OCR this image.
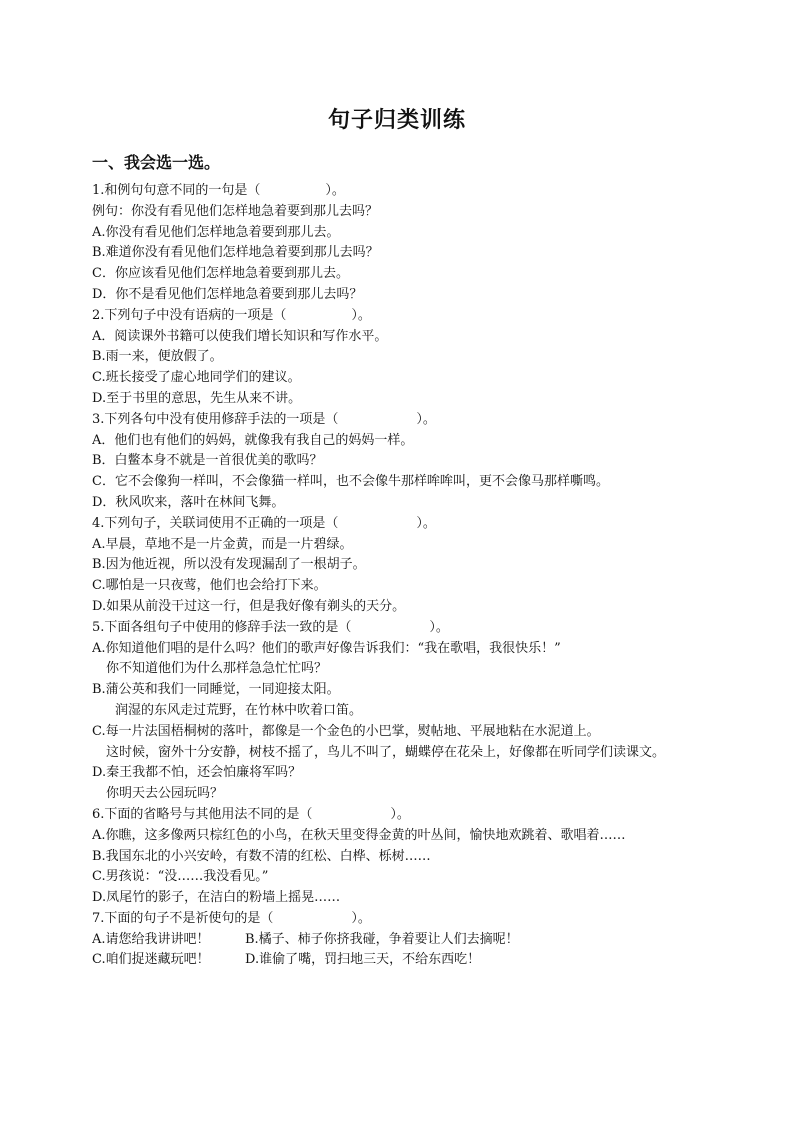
句子归类训练
一、我会选一选。
1.和例句句意不同的一句是（　　　　　）。
例句：你没有看见他们怎样地急着要到那儿去吗？
A.你没有看见他们怎样地急着要到那儿去。
B.难道你没有看见他们怎样地急着要到那儿去吗？
C．你应该看见他们怎样地急着要到那儿去。
D．你不是看见他们怎样地急着要到那儿去吗？
2.下列句子中没有语病的一项是（　　　　　）。
A．阅读课外书籍可以使我们增长知识和写作水平。
B.雨一来，便放假了。
C.班长接受了虚心地同学们的建议。
D.至于书里的意思，先生从来不讲。
3.下列各句中没有使用修辞手法的一项是（　　　　　　）。
A．他们也有他们的妈妈，就像我有我自己的妈妈一样。
B．白鳖本身不就是一首很优美的歌吗？
C．它不会像狗一样叫，不会像猫一样叫，也不会像牛那样哞哞叫，更不会像马那样嘶鸣。
D．秋风吹来，落叶在林间飞舞。
4.下列句子，关联词使用不正确的一项是（　　　　　　）。
A.早晨，草地不是一片金黄，而是一片碧绿。
B.因为他近视，所以没有发现漏刮了一根胡子。
C.哪怕是一只夜莺，他们也会给打下来。
D.如果从前没干过这一行，但是我好像有剃头的天分。
5.下面各组句子中使用的修辞手法一致的是（　　　　　　）。
A.你知道他们唱的是什么吗？他们的歌声好像告诉我们：“我在歌唱，我很快乐！”
你不知道他们为什么那样急急忙忙吗？
B.蒲公英和我们一同睡觉，一同迎接太阳。
润湿的东风走过荒野，在竹林中吹着口笛。
C.每一片法国梧桐树的落叶，都像是一个金色的小巴掌，熨帖地、平展地粘在水泥道上。
这时候，窗外十分安静，树枝不摇了，鸟儿不叫了，蝴蝶停在花朵上，好像都在听同学们读课文。
D.秦王我都不怕，还会怕廉将军吗？
你明天去公园玩吗？
6.下面的省略号与其他用法不同的是（　　　　　　）。
A.你瞧，这多像两只棕红色的小鸟，在秋天里变得金黄的叶丛间，愉快地欢跳着、歌唱着……
B.我国东北的小兴安岭，有数不清的红松、白桦、栎树……
C.男孩说：“没……我没看见。”
D.凤尾竹的影子，在洁白的粉墙上摇晃……
7.下面的句子不是祈使句的是（　　　　　　）。
A.请您给我讲讲吧！	B.橘子、柿子你挤我碰，争着要让人们去摘呢！
C.咱们捉迷藏玩吧！	D.谁偷了嘴，罚扫地三天，不给东西吃！
